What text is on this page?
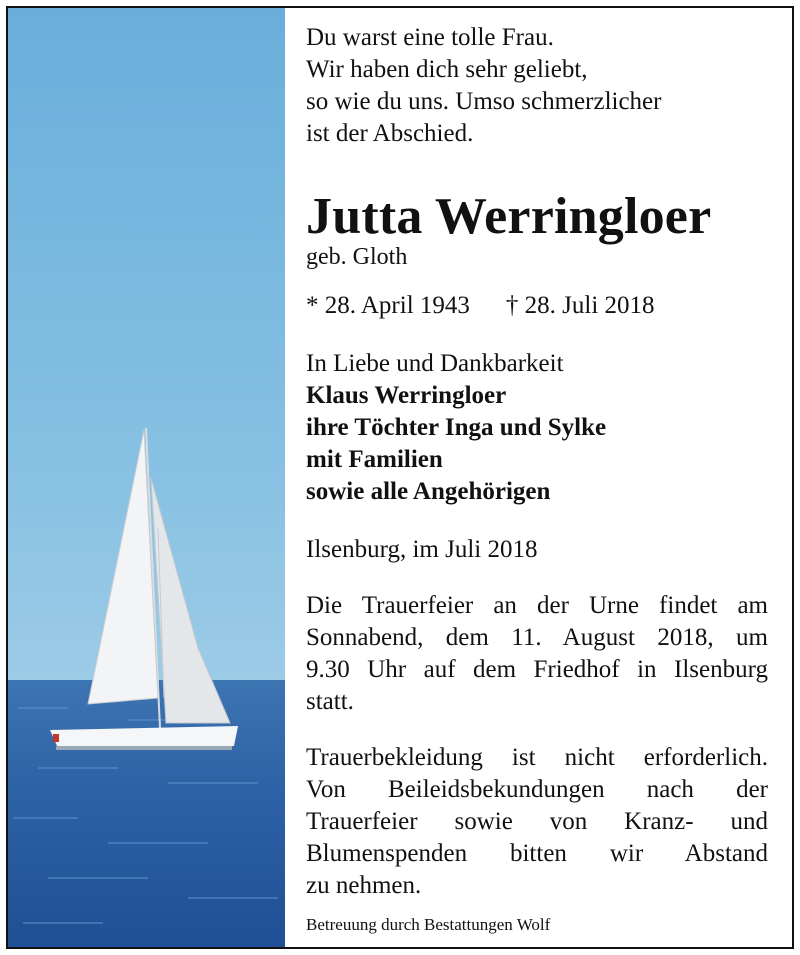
Du warst eine tolle Frau.
Wir haben dich sehr geliebt,
so wie du uns. Umso schmerzlicher
ist der Abschied.
Jutta Werringloer
geb. Gloth
* 28. April 1943 † 28. Juli 2018
In Liebe und Dankbarkeit
Klaus Werringloer
ihre Töchter Inga und Sylke
mit Familien
sowie alle Angehörigen
Ilsenburg, im Juli 2018
Die Trauerfeier an der Urne findet am
Sonnabend, dem 11. August 2018, um
9.30 Uhr auf dem Friedhof in Ilsenburg
statt.
Trauerbekleidung ist nicht erforderlich.
Von Beileidsbekundungen nach der
Trauerfeier sowie von Kranz- und
Blumenspenden bitten wir Abstand
zu nehmen.
Betreuung durch Bestattungen Wolf
